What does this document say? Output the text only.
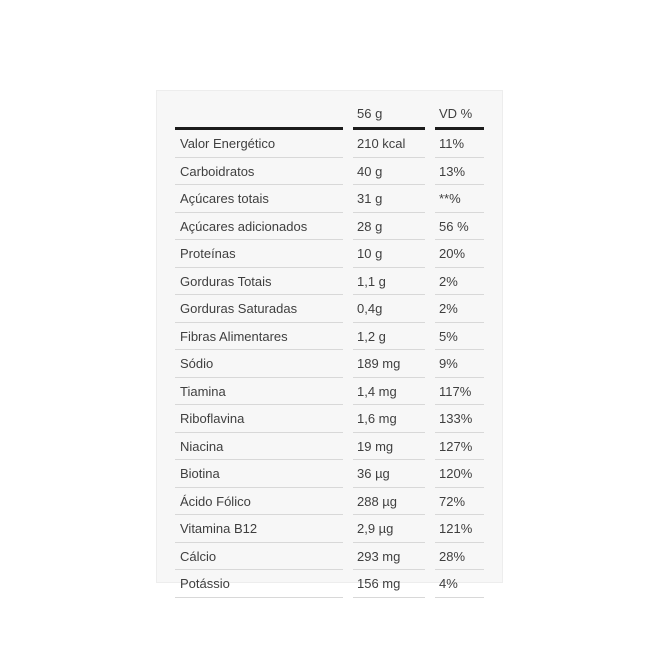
	56 g	VD %
Valor Energético	210 kcal	11%
Carboidratos	40 g	13%
Açúcares totais	31 g	**%
Açúcares adicionados	28 g	56 %
Proteínas	10 g	20%
Gorduras Totais	1,1 g	2%
Gorduras Saturadas	0,4g	2%
Fibras Alimentares	1,2 g	5%
Sódio	189 mg	9%
Tiamina	1,4 mg	117%
Riboflavina	1,6 mg	133%
Niacina	19 mg	127%
Biotina	36 µg	120%
Ácido Fólico	288 µg	72%
Vitamina B12	2,9 µg	121%
Cálcio	293 mg	28%
Potássio	156 mg	4%
